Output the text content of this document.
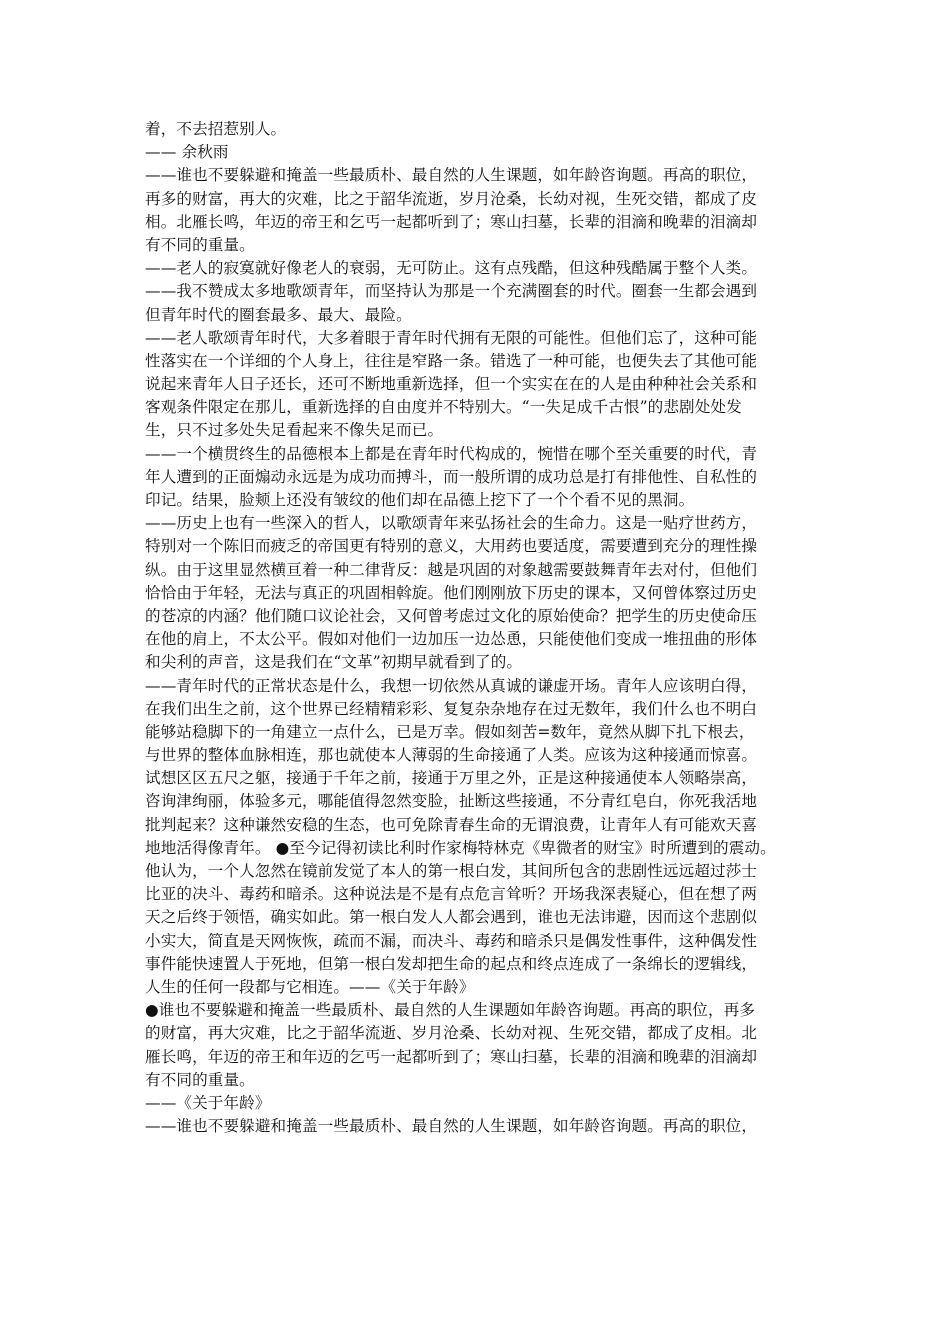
着，不去招惹别人。
—— 余秋雨
——谁也不要躲避和掩盖一些最质朴、最自然的人生课题，如年龄咨询题。再高的职位，
再多的财富，再大的灾难，比之于韶华流逝，岁月沧桑，长幼对视，生死交错，都成了皮
相。北雁长鸣，年迈的帝王和乞丐一起都听到了；寒山扫墓，长辈的泪滴和晚辈的泪滴却
有不同的重量。
——老人的寂寞就好像老人的衰弱，无可防止。这有点残酷，但这种残酷属于整个人类。
——我不赞成太多地歌颂青年，而坚持认为那是一个充满圈套的时代。圈套一生都会遇到
但青年时代的圈套最多、最大、最险。
——老人歌颂青年时代，大多着眼于青年时代拥有无限的可能性。但他们忘了，这种可能
性落实在一个详细的个人身上，往往是窄路一条。错选了一种可能，也便失去了其他可能
说起来青年人日子还长，还可不断地重新选择，但一个实实在在的人是由种种社会关系和
客观条件限定在那儿，重新选择的自由度并不特别大。“一失足成千古恨”的悲剧处处发
生，只不过多处失足看起来不像失足而已。
——一个横贯终生的品德根本上都是在青年时代构成的，惋惜在哪个至关重要的时代，青
年人遭到的正面煽动永远是为成功而搏斗，而一般所谓的成功总是打有排他性、自私性的
印记。结果，脸颊上还没有皱纹的他们却在品德上挖下了一个个看不见的黑洞。
——历史上也有一些深入的哲人，以歌颂青年来弘扬社会的生命力。这是一贴疗世药方，
特别对一个陈旧而疲乏的帝国更有特别的意义，大用药也要适度，需要遭到充分的理性操
纵。由于这里显然横亘着一种二律背反：越是巩固的对象越需要鼓舞青年去对付，但他们
恰恰由于年轻，无法与真正的巩固相斡旋。他们刚刚放下历史的课本，又何曾体察过历史
的苍凉的内涵？他们随口议论社会，又何曾考虑过文化的原始使命？把学生的历史使命压
在他的肩上，不太公平。假如对他们一边加压一边怂恿，只能使他们变成一堆扭曲的形体
和尖利的声音，这是我们在“文革”初期早就看到了的。
——青年时代的正常状态是什么，我想一切依然从真诚的谦虚开场。青年人应该明白得，
在我们出生之前，这个世界已经精精彩彩、复复杂杂地存在过无数年，我们什么也不明白
能够站稳脚下的一角建立一点什么，已是万幸。假如刻苦=数年，竟然从脚下扎下根去，
与世界的整体血脉相连，那也就使本人薄弱的生命接通了人类。应该为这种接通而惊喜。
试想区区五尺之躯，接通于千年之前，接通于万里之外，正是这种接通使本人领略崇高，
咨询津绚丽，体验多元，哪能值得忽然变脸，扯断这些接通，不分青红皂白，你死我活地
批判起来？这种谦然安稳的生态，也可免除青春生命的无谓浪费，让青年人有可能欢天喜
地地活得像青年。 ●至今记得初读比利时作家梅特林克《卑微者的财宝》时所遭到的震动。
他认为，一个人忽然在镜前发觉了本人的第一根白发，其间所包含的悲剧性远远超过莎士
比亚的决斗、毒药和暗杀。这种说法是不是有点危言耸听？开场我深表疑心，但在想了两
天之后终于领悟，确实如此。第一根白发人人都会遇到，谁也无法讳避，因而这个悲剧似
小实大，简直是天网恢恢，疏而不漏，而决斗、毒药和暗杀只是偶发性事件，这种偶发性
事件能快速置人于死地，但第一根白发却把生命的起点和终点连成了一条绵长的逻辑线，
人生的任何一段都与它相连。——《关于年龄》
●谁也不要躲避和掩盖一些最质朴、最自然的人生课题如年龄咨询题。再高的职位，再多
的财富，再大灾难，比之于韶华流逝、岁月沧桑、长幼对视、生死交错，都成了皮相。北
雁长鸣，年迈的帝王和年迈的乞丐一起都听到了；寒山扫墓，长辈的泪滴和晚辈的泪滴却
有不同的重量。
——《关于年龄》
——谁也不要躲避和掩盖一些最质朴、最自然的人生课题，如年龄咨询题。再高的职位，
